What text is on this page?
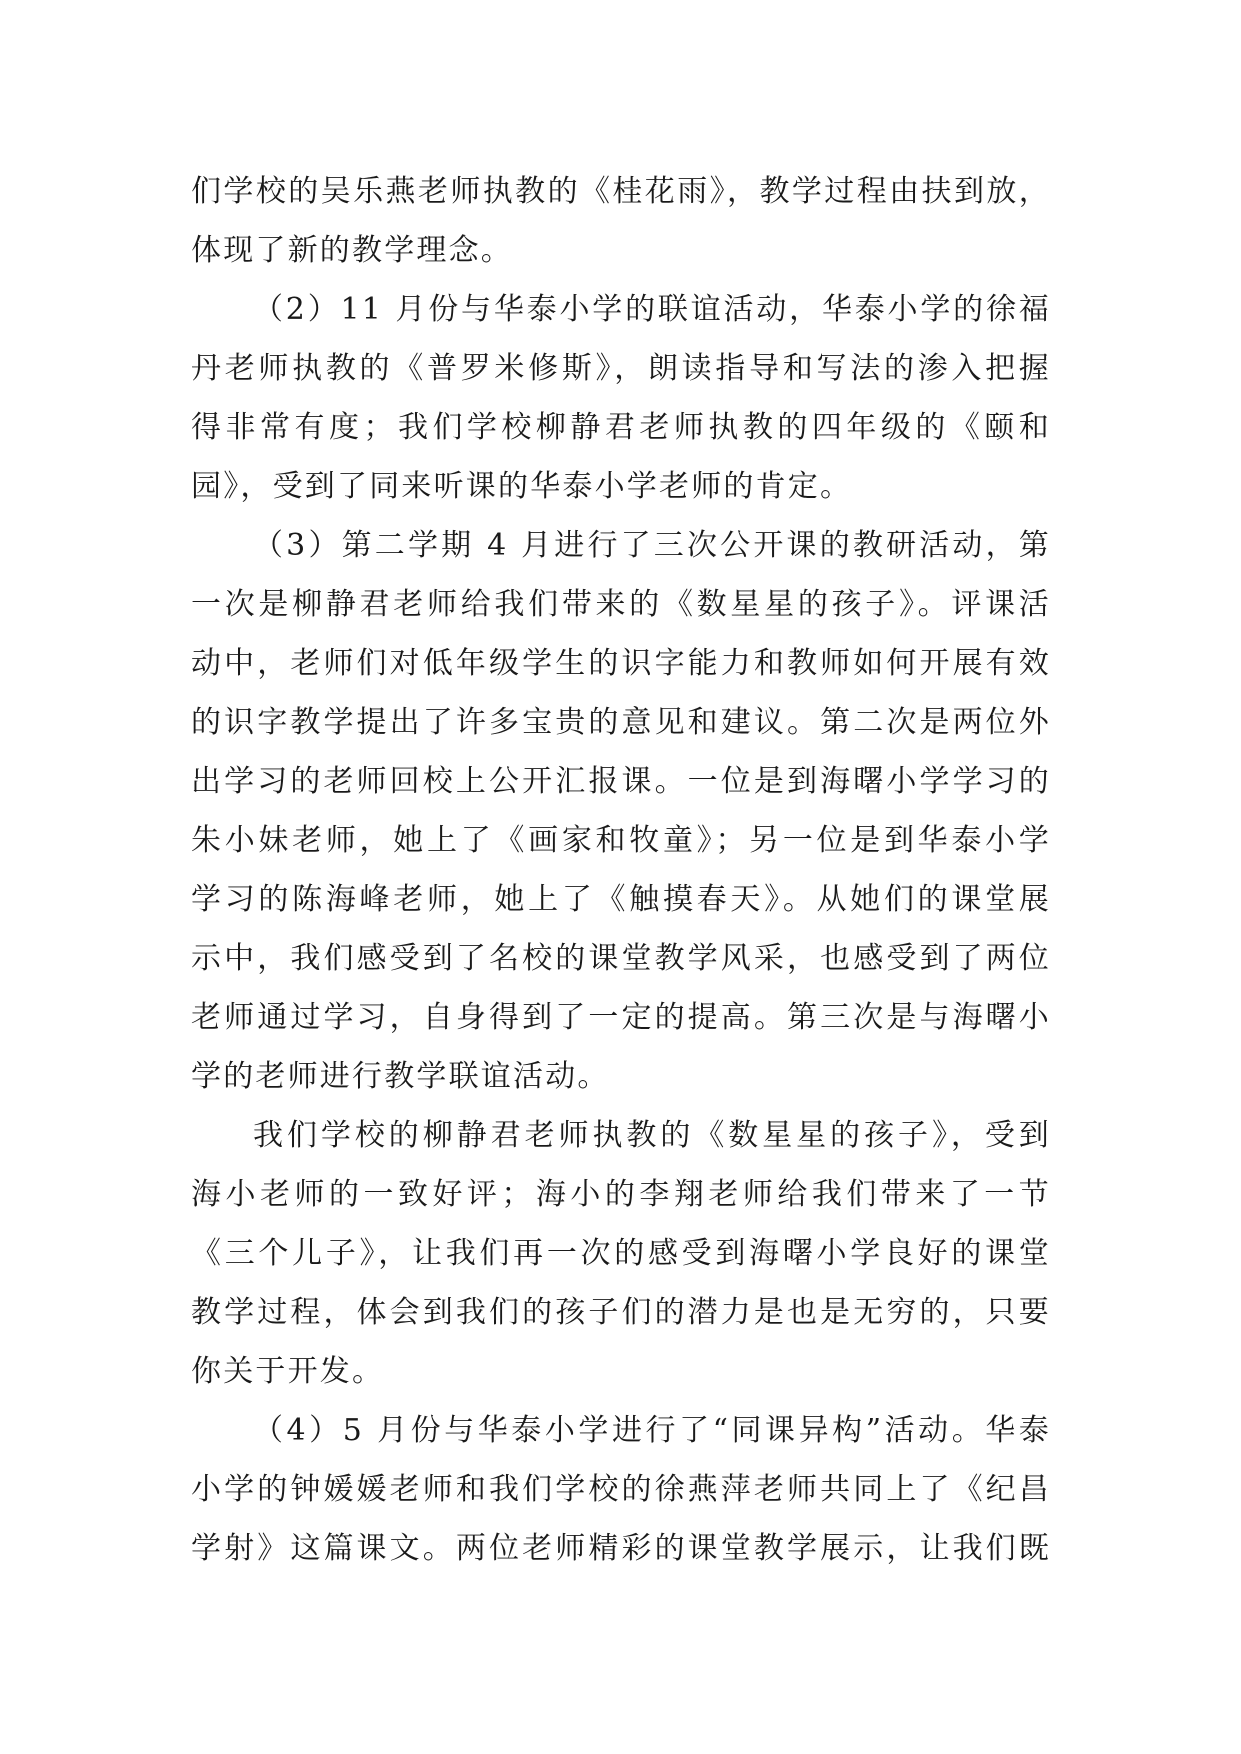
们学校的吴乐燕老师执教的《桂花雨》，教学过程由扶到放，
体现了新的教学理念。
（2）11 月份与华泰小学的联谊活动，华泰小学的徐福
丹老师执教的《普罗米修斯》，朗读指导和写法的渗入把握
得非常有度；我们学校柳静君老师执教的四年级的《颐和
园》，受到了同来听课的华泰小学老师的肯定。
（3）第二学期 4 月进行了三次公开课的教研活动，第
一次是柳静君老师给我们带来的《数星星的孩子》。评课活
动中，老师们对低年级学生的识字能力和教师如何开展有效
的识字教学提出了许多宝贵的意见和建议。第二次是两位外
出学习的老师回校上公开汇报课。一位是到海曙小学学习的
朱小妹老师，她上了《画家和牧童》；另一位是到华泰小学
学习的陈海峰老师，她上了《触摸春天》。从她们的课堂展
示中，我们感受到了名校的课堂教学风采，也感受到了两位
老师通过学习，自身得到了一定的提高。第三次是与海曙小
学的老师进行教学联谊活动。
我们学校的柳静君老师执教的《数星星的孩子》，受到
海小老师的一致好评；海小的李翔老师给我们带来了一节
《三个儿子》，让我们再一次的感受到海曙小学良好的课堂
教学过程，体会到我们的孩子们的潜力是也是无穷的，只要
你关于开发。
（4）5 月份与华泰小学进行了“同课异构”活动。华泰
小学的钟媛媛老师和我们学校的徐燕萍老师共同上了《纪昌
学射》这篇课文。两位老师精彩的课堂教学展示，让我们既
